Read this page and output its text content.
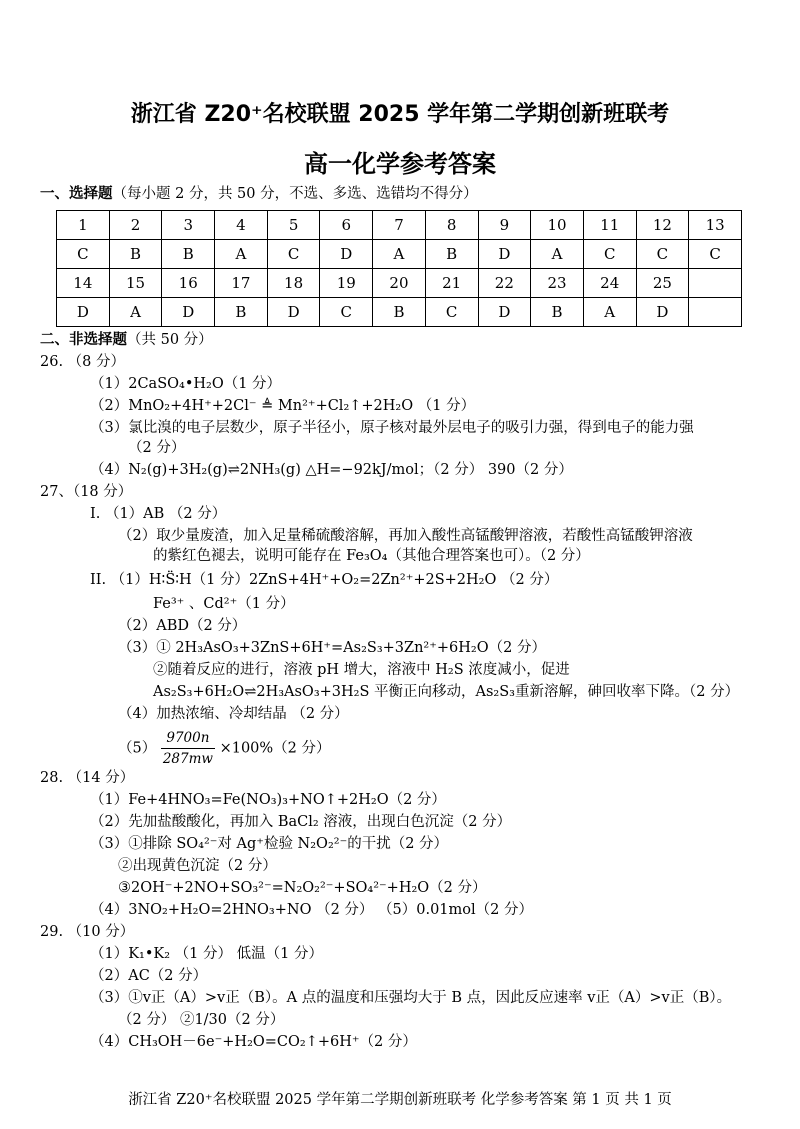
浙江省 Z20⁺名校联盟 2025 学年第二学期创新班联考
高一化学参考答案
一、选择题（每小题 2 分，共 50 分，不选、多选、选错均不得分）
1	2	3	4	5	6	7	8	9	10	11	12	13
C	B	B	A	C	D	A	B	D	A	C	C	C
14	15	16	17	18	19	20	21	22	23	24	25	
D	A	D	B	D	C	B	C	D	B	A	D	
二、非选择题（共 50 分）
26. （8 分）
（1）2CaSO₄•H₂O（1 分）
（2）MnO₂+4H⁺+2Cl⁻ ≜ Mn²⁺+Cl₂↑+2H₂O （1 分）
（3）氯比溴的电子层数少，原子半径小，原子核对最外层电子的吸引力强，得到电子的能力强
（2 分）
（4）N₂(g)+3H₂(g)⇌2NH₃(g) △H=−92kJ/mol；（2 分） 390（2 分）
27、（18 分）
I. （1）AB （2 分）
（2）取少量废渣，加入足量稀硫酸溶解，再加入酸性高锰酸钾溶液，若酸性高锰酸钾溶液
的紫红色褪去，说明可能存在 Fe₃O₄（其他合理答案也可）。（2 分）
II. （1）H∶S̈∶H（1 分）2ZnS+4H⁺+O₂=2Zn²⁺+2S+2H₂O （2 分）
Fe³⁺ 、Cd²⁺（1 分）
（2）ABD（2 分）
（3）① 2H₃AsO₃+3ZnS+6H⁺=As₂S₃+3Zn²⁺+6H₂O（2 分）
②随着反应的进行，溶液 pH 增大，溶液中 H₂S 浓度减小，促进
As₂S₃+6H₂O⇌2H₃AsO₃+3H₂S 平衡正向移动，As₂S₃重新溶解，砷回收率下降。（2 分）
（4）加热浓缩、冷却结晶 （2 分）
$(5) \frac{9700n}{287mw} \times 100\%(2$ 分）
28. （14 分）
（1）Fe+4HNO₃=Fe(NO₃)₃+NO↑+2H₂O（2 分）
（2）先加盐酸酸化，再加入 BaCl₂ 溶液，出现白色沉淀（2 分）
（3）①排除 SO₄²⁻对 Ag⁺检验 N₂O₂²⁻的干扰（2 分）
②出现黄色沉淀（2 分）
③2OH⁻+2NO+SO₃²⁻=N₂O₂²⁻+SO₄²⁻+H₂O（2 分）
（4）3NO₂+H₂O=2HNO₃+NO （2 分） （5）0.01mol（2 分）
29. （10 分）
（1）K₁•K₂ （1 分） 低温（1 分）
（2）AC（2 分）
（3）①v正（A）>v正（B）。A 点的温度和压强均大于 B 点，因此反应速率 v正（A）>v正（B）。
（2 分） ②1/30（2 分）
（4）CH₃OH－6e⁻+H₂O=CO₂↑+6H⁺（2 分）
浙江省 Z20⁺名校联盟 2025 学年第二学期创新班联考 化学参考答案 第 1 页 共 1 页
